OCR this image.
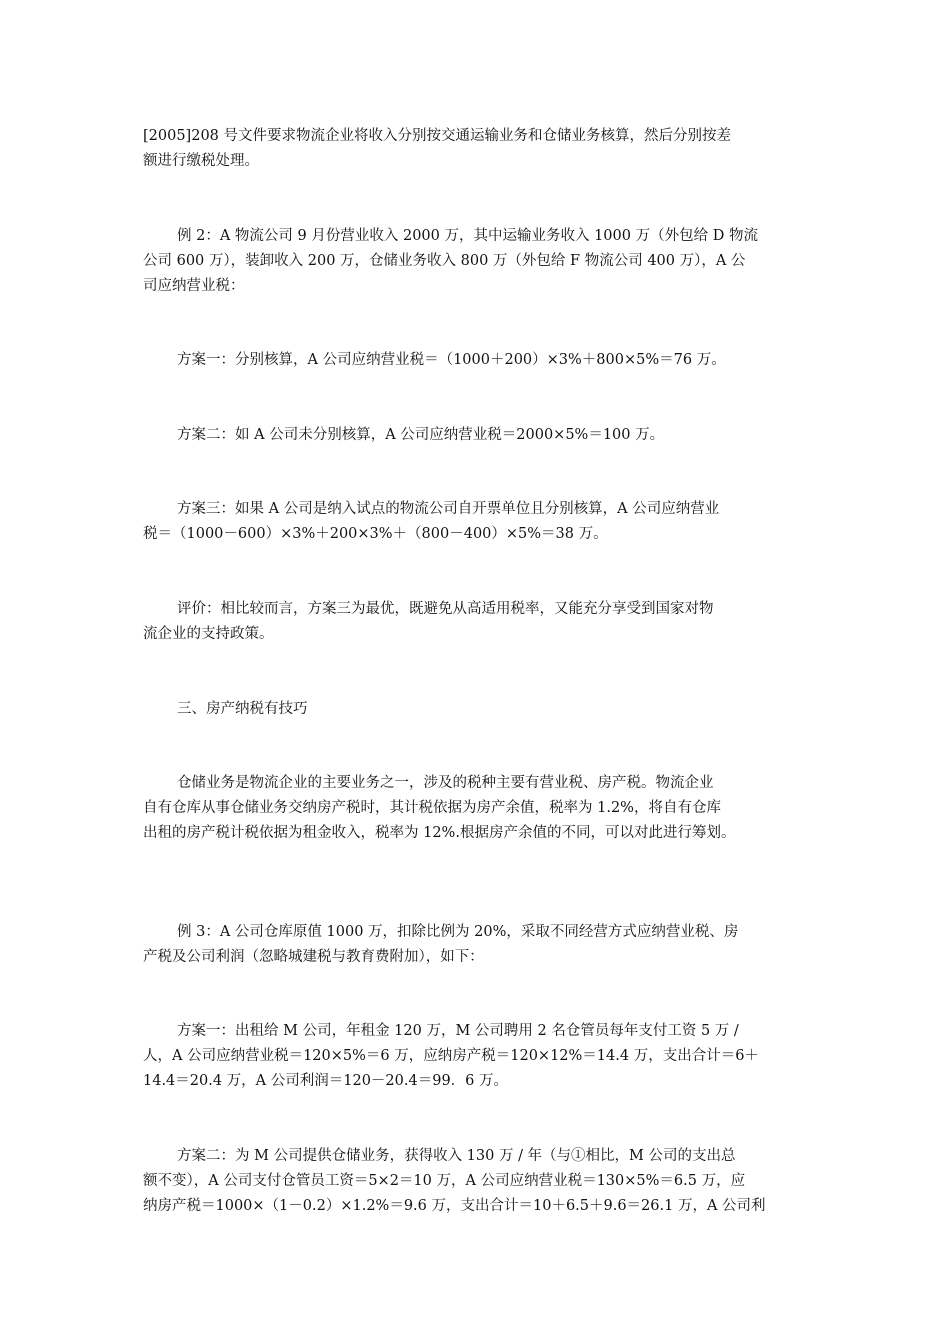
[2005]208 号文件要求物流企业将收入分别按交通运输业务和仓储业务核算，然后分别按差
额进行缴税处理。
例 2：A 物流公司 9 月份营业收入 2000 万，其中运输业务收入 1000 万（外包给 D 物流
公司 600 万），装卸收入 200 万，仓储业务收入 800 万（外包给 F 物流公司 400 万），A 公
司应纳营业税：
方案一：分别核算，A 公司应纳营业税＝（1000＋200）×3%＋800×5%＝76 万。
方案二：如 A 公司未分别核算，A 公司应纳营业税＝2000×5%＝100 万。
方案三：如果 A 公司是纳入试点的物流公司自开票单位且分别核算，A 公司应纳营业
税＝（1000－600）×3%＋200×3%＋（800－400）×5%＝38 万。
评价：相比较而言，方案三为最优，既避免从高适用税率，又能充分享受到国家对物
流企业的支持政策。
三、房产纳税有技巧
仓储业务是物流企业的主要业务之一，涉及的税种主要有营业税、房产税。物流企业
自有仓库从事仓储业务交纳房产税时，其计税依据为房产余值，税率为 1.2%，将自有仓库
出租的房产税计税依据为租金收入，税率为 12%.根据房产余值的不同，可以对此进行筹划。
例 3：A 公司仓库原值 1000 万，扣除比例为 20%，采取不同经营方式应纳营业税、房
产税及公司利润（忽略城建税与教育费附加），如下：
方案一：出租给 M 公司，年租金 120 万，M 公司聘用 2 名仓管员每年支付工资 5 万 /
人，A 公司应纳营业税＝120×5%＝6 万，应纳房产税＝120×12%＝14.4 万，支出合计＝6＋
14.4＝20.4 万，A 公司利润＝120－20.4＝99．6 万。
方案二：为 M 公司提供仓储业务，获得收入 130 万 / 年（与①相比，M 公司的支出总
额不变），A 公司支付仓管员工资＝5×2＝10 万，A 公司应纳营业税＝130×5%＝6.5 万，应
纳房产税＝1000×（1－0.2）×1.2%＝9.6 万，支出合计＝10＋6.5＋9.6＝26.1 万，A 公司利
